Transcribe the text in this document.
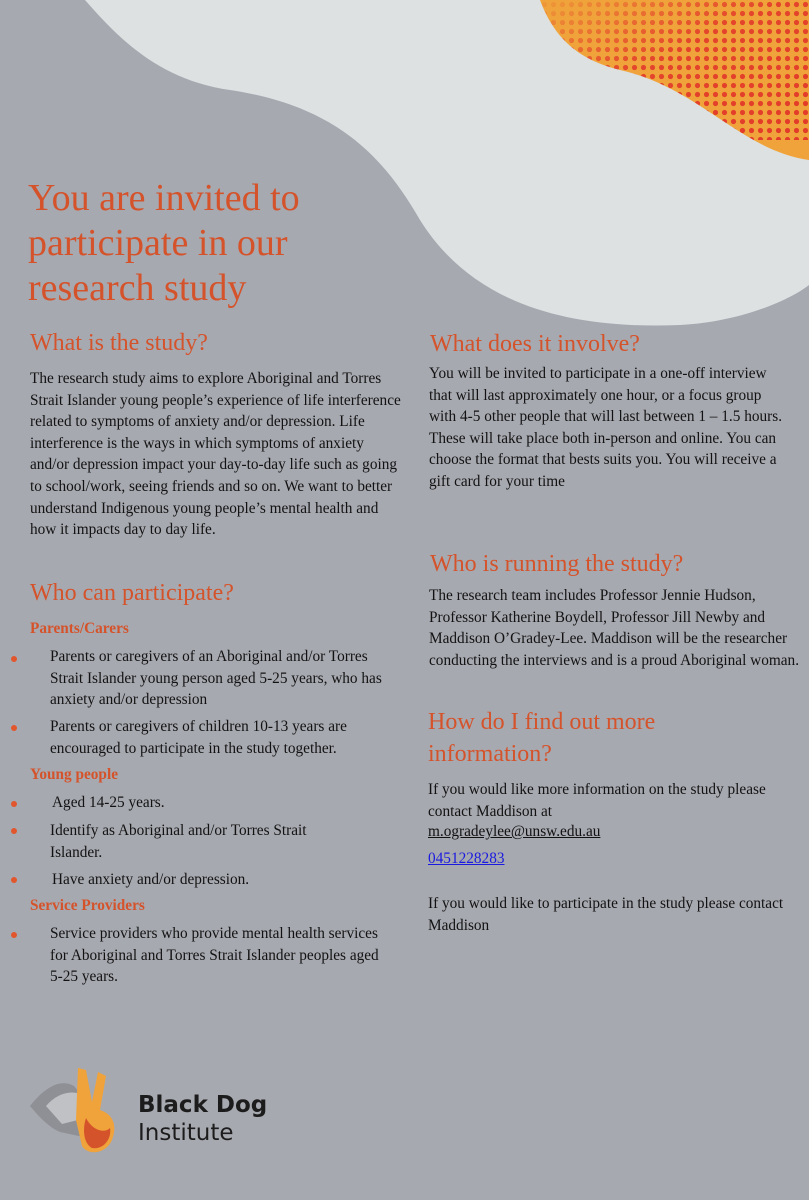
You are invited to participate in our research study
What is the study?

The research study aims to explore Aboriginal and Torres Strait Islander young people’s experience of life interference related to symptoms of anxiety and/or depression. Life interference is the ways in which symptoms of anxiety and/or depression impact your day-to-day life such as going to school/work, seeing friends and so on. We want to better understand Indigenous young people’s mental health and how it impacts day to day life.

Who can participate?
Parents/Carers
Parents or caregivers of an Aboriginal and/or Torres Strait Islander young person aged 5-25 years, who has anxiety and/or depression
Parents or caregivers of children 10-13 years are encouraged to participate in the study together.
Young people
Aged 14-25 years.
Identify as Aboriginal and/or Torres Strait Islander.
Have anxiety and/or depression.
Service Providers
Service providers who provide mental health services for Aboriginal and Torres Strait Islander peoples aged 5-25 years.
What does it involve?

You will be invited to participate in a one-off interview that will last approximately one hour, or a focus group with 4-5 other people that will last between 1 – 1.5 hours. These will take place both in-person and online. You can choose the format that bests suits you. You will receive a gift card for your time

Who is running the study?

The research team includes Professor Jennie Hudson, Professor Katherine Boydell, Professor Jill Newby and Maddison O’Gradey-Lee. Maddison will be the researcher conducting the interviews and is a proud Aboriginal woman.

How do I find out more information?

If you would like more information on the study please contact Maddison at

m.ogradeylee@unsw.edu.au
0451228283

If you would like to participate in the study please contact Maddison

Black Dog
Institute
